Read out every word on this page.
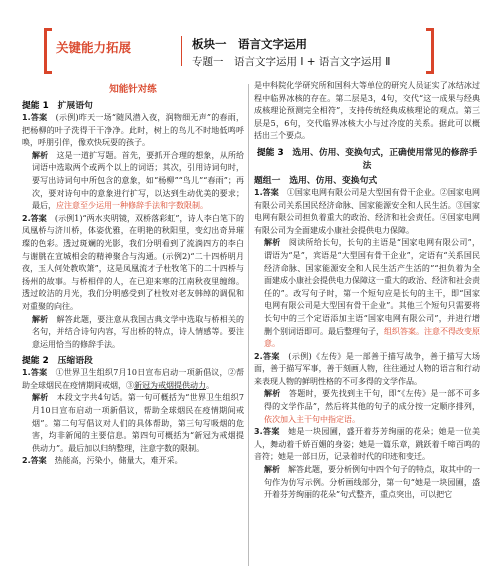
关键能力拓展	板块一　语言文字运用
专题一　语言文字运用 Ⅰ + 语言文字运用 Ⅱ
知能针对练
提能 1　 扩展语句

1.答案　 (示例)昨天一场“随风潜入夜，润物细无声”的春雨，把杨柳的叶子洗得干干净净。此时，树上的鸟儿不时地低鸣呼唤，呼朋引伴，像欢快玩耍的孩子。

解析　 这是一道扩写题。首先，要抓开合理的想象，从所给词语中选取两个或两个以上的词语；其次，引用诗词句时，要写出诗词句中所包含的意象，如“杨柳”“鸟儿”“春雨”；再次，要对诗句中的意象进行扩写，以达到生动优美的要求；最后，应注意至少运用一种修辞手法和字数限制。

2.答案　 (示例1)“两水夹明镜，双桥落彩虹”，诗人李白笔下的凤凰桥与济川桥，体姿优雅，在明艳的秋阳里，变幻出奇异璀璨的色彩。透过斑斓的光影，我们分明看到了流淌四方的李白与谢朓在宣城相会的精神聚合与沟通。(示例2)“二十四桥明月夜，玉人何处教吹箫”，这是凤凰流才子杜牧笔下的二十四桥与扬州的故事。与桥相伴的人，在已迎来寒的江南秋夜里缠绵。透过皎洁的月光，我们分明感受到了杜牧对老友韩绰的调侃和对重聚的向往。

解析　 解答此题，要注意从我国古典文学中选取与桥相关的名句，并结合诗句内容，写出桥的特点，诗人情感等。要注意运用恰当的修辞手法。

提能 2　 压缩语段

1.答案　 ①世界卫生组织7月10日宣布启动一项新倡议，②帮助全球烟民在疫情期间戒烟，③新冠为戒烟提供动力。

解析　 本段文字共4句话。第一句可概括为“世界卫生组织7月10日宣布启动一项新倡议，帮助全球烟民在疫情期间戒烟”。第二句写倡议对人们的具体帮助，第三句写吸烟的危害，均非新闻的主要信息。第四句可概括为“新冠为戒烟提供动力”。最后加以归纳整理，注意字数的限制。

2.答案　 热能高，污染小，储量大，难开采。

是中科院化学研究所和国科大等单位的研究人员证实了冰结冰过程中临界冰核的存在。第二层是3，4句，交代“这一成果与经典成核理论预测完全相符”，支持传统经典成核理论的观点。第三层是5，6句，交代临界冰核大小与过冷度的关系。据此可以概括出三个要点。

提能 3　 选用、仿用、变换句式，正确使用常见的修辞手法
题组一　选用、仿用、变换句式

1.答案　 ①国家电网有限公司是大型国有骨干企业。②国家电网有限公司关系国民经济命脉、国家能源安全和人民生活。③国家电网有限公司担负着重大的政治、经济和社会责任。④国家电网有限公司为全面建成小康社会提供电力保障。

解析　 阅读所给长句，长句的主语是“国家电网有限公司”，谓语为“是”，宾语是“大型国有骨干企业”，定语有“关系国民经济命脉、国家能源安全和人民生活产生活的”“担负着为全面建成小康社会提供电力保障这一重大的政治、经济和社会责任的”。改写句子时，第一个短句应是长句的主干，即“国家电网有限公司是大型国有骨干企业”。其他三个短句只需要将长句中的三个定语添加主语“国家电网有限公司”，并进行增删个别词语即可。最后整理句子，组织答案。注意不得改变原意。

2.答案　 (示例)《左传》是一部善于描写战争，善于描写大场面，善于描写军事，善于刻画人物，往往通过人物的语言和行动来表现人物的鲜明性格的不可多得的文学作品。

解析　 答题时，要先找到主干句，即“《左传》是一部不可多得的文学作品”，然后将其他的句子的成分按一定顺序排列，依次加入主干句中指定语。

3.答案　 她是一块园圃，盛开着芬芳绚丽的花朵；她是一位美人，舞动着千娇百媚的身姿；她是一篇乐章，跳跃着千啼百鸣的音符；她是一部日历，记录着时代的印迹和变迁。

解析　 解答此题，要分析例句中四个句子的特点，取其中的一句作为仿写示例。分析画线部分，第一句“她是一块园圃，盛开着芬芳绚丽的花朵”句式整齐，重点突出，可以把它
